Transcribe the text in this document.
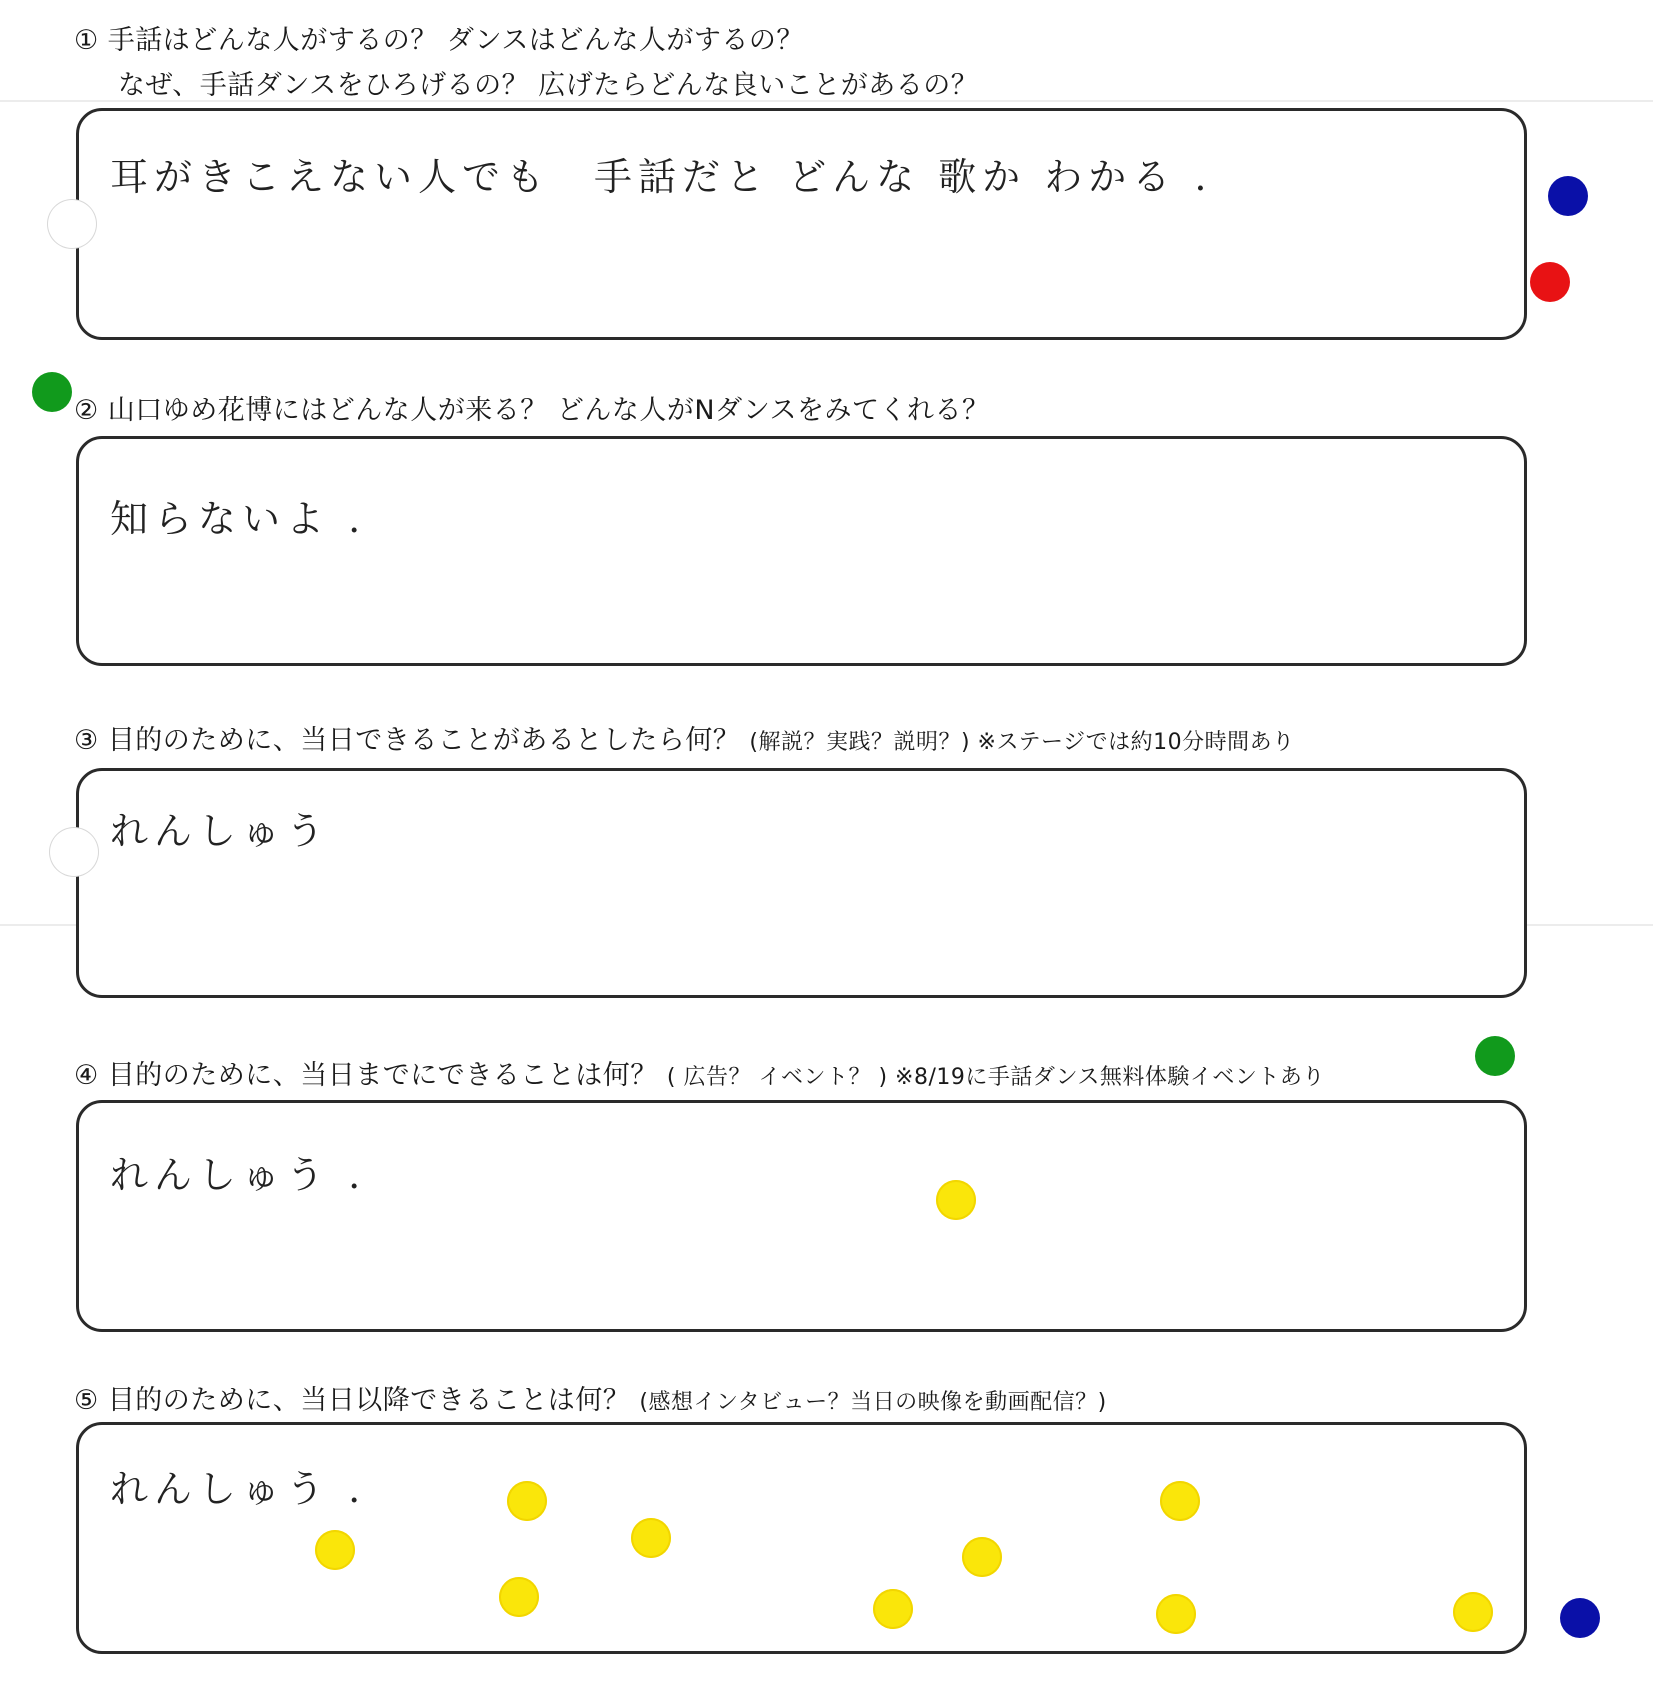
① 手話はどんな人がするの？ ダンスはどんな人がするの？
なぜ、手話ダンスをひろげるの？ 広げたらどんな良いことがあるの？
耳がきこえない人でも　手話だと どんな 歌か わかる .
② 山口ゆめ花博にはどんな人が来る？ どんな人がNダンスをみてくれる？
知らないよ .
③ 目的のために、当日できることがあるとしたら何？ (解説？実践？説明？) ※ステージでは約10分時間あり
れんしゅう
④ 目的のために、当日までにできることは何？ ( 広告？ イベント？ ) ※8/19に手話ダンス無料体験イベントあり
れんしゅう .
⑤ 目的のために、当日以降できることは何？ (感想インタビュー？当日の映像を動画配信？)
れんしゅう .
